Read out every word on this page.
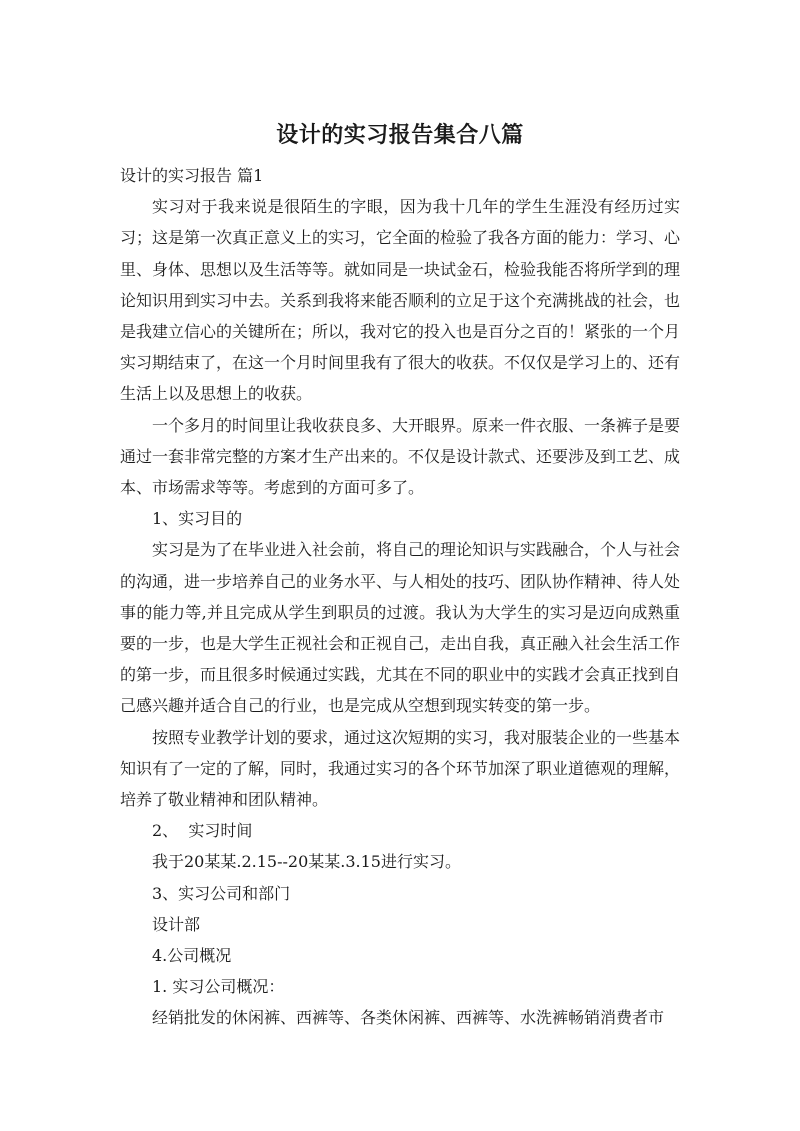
设计的实习报告集合八篇

设计的实习报告 篇1

实习对于我来说是很陌生的字眼，因为我十几年的学生生涯没有经历过实习；这是第一次真正意义上的实习，它全面的检验了我各方面的能力：学习、心里、身体、思想以及生活等等。就如同是一块试金石，检验我能否将所学到的理论知识用到实习中去。关系到我将来能否顺利的立足于这个充满挑战的社会，也是我建立信心的关键所在；所以，我对它的投入也是百分之百的！紧张的一个月实习期结束了，在这一个月时间里我有了很大的收获。不仅仅是学习上的、还有生活上以及思想上的收获。

一个多月的时间里让我收获良多、大开眼界。原来一件衣服、一条裤子是要通过一套非常完整的方案才生产出来的。不仅是设计款式、还要涉及到工艺、成本、市场需求等等。考虑到的方面可多了。

1、实习目的

实习是为了在毕业进入社会前，将自己的理论知识与实践融合，个人与社会的沟通，进一步培养自己的业务水平、与人相处的技巧、团队协作精神、待人处事的能力等,并且完成从学生到职员的过渡。我认为大学生的实习是迈向成熟重要的一步，也是大学生正视社会和正视自己，走出自我，真正融入社会生活工作的第一步，而且很多时候通过实践，尤其在不同的职业中的实践才会真正找到自己感兴趣并适合自己的行业，也是完成从空想到现实转变的第一步。

按照专业教学计划的要求，通过这次短期的实习，我对服装企业的一些基本知识有了一定的了解，同时，我通过实习的各个环节加深了职业道德观的理解，培养了敬业精神和团队精神。

2、  实习时间

我于20某某.2.15--20某某.3.15进行实习。

3、实习公司和部门

设计部

4.公司概况

1. 实习公司概况：

经销批发的休闲裤、西裤等、各类休闲裤、西裤等、水洗裤畅销消费者市
